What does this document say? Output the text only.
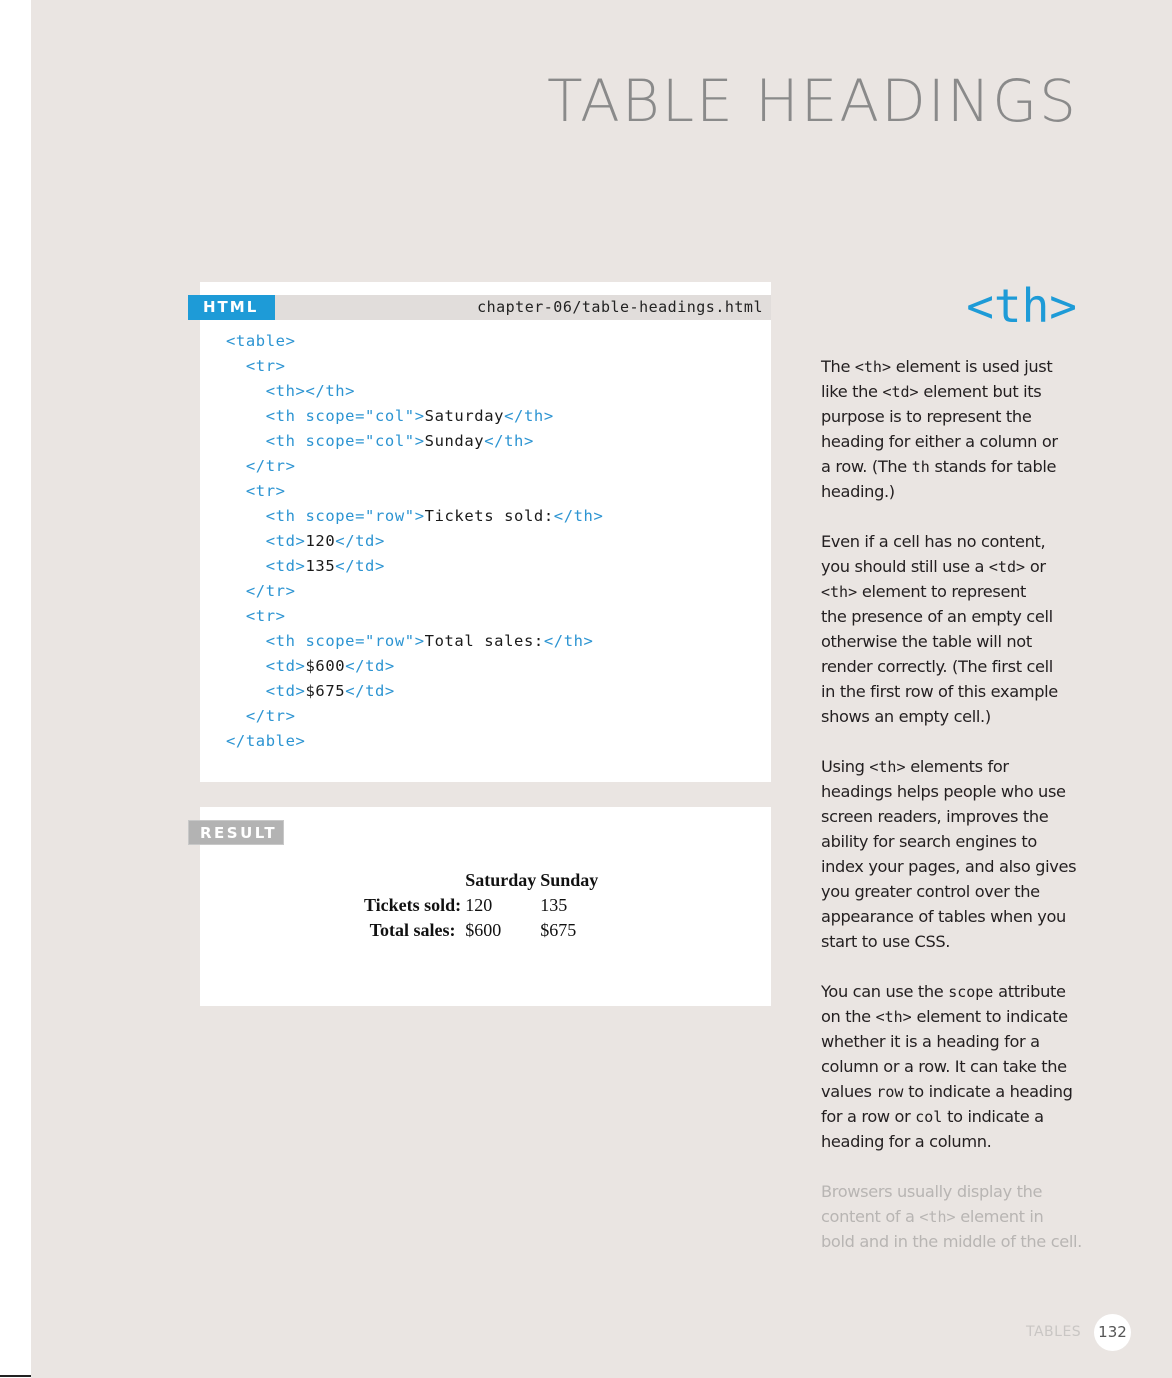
TABLE HEADINGS
chapter-06/table-headings.html
<table>
<tr>
<th></th>
<th scope="col">Saturday</th>
<th scope="col">Sunday</th>
</tr>
<tr>
<th scope="row">Tickets sold:</th>
<td>120</td>
<td>135</td>
</tr>
<tr>
<th scope="row">Total sales:</th>
<td>$600</td>
<td>$675</td>
</tr>
</table>
HTML
RESULT
	Saturday	Sunday
Tickets sold:	120	135
Total sales:	$600	$675
<th>
The <th> element is used just
like the <td> element but its
purpose is to represent the
heading for either a column or
a row. (The th stands for table
heading.)
Even if a cell has no content,
you should still use a <td> or
<th> element to represent
the presence of an empty cell
otherwise the table will not
render correctly. (The first cell
in the first row of this example
shows an empty cell.)
Using <th> elements for
headings helps people who use
screen readers, improves the
ability for search engines to
index your pages, and also gives
you greater control over the
appearance of tables when you
start to use CSS.
You can use the scope attribute
on the <th> element to indicate
whether it is a heading for a
column or a row. It can take the
values row to indicate a heading
for a row or col to indicate a
heading for a column.
Browsers usually display the
content of a <th> element in
bold and in the middle of the cell.
TABLES 132
